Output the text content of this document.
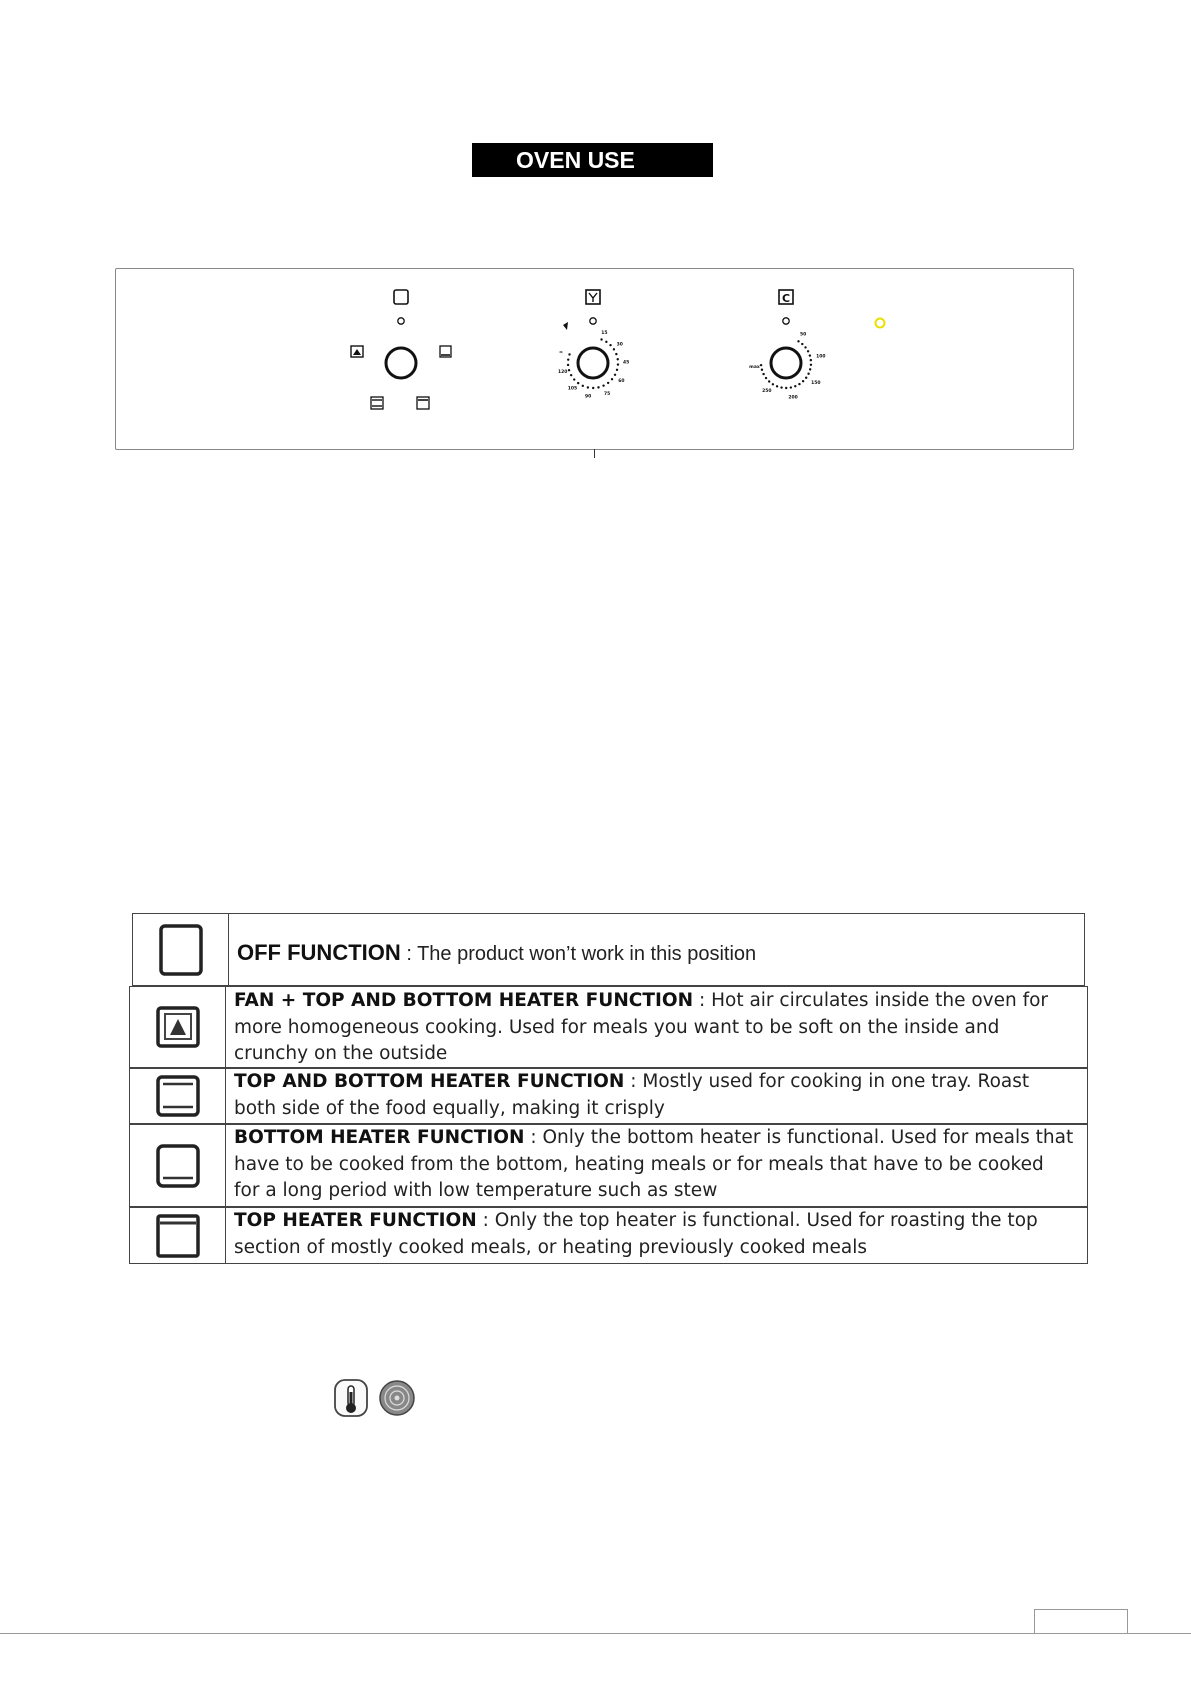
OVEN USE
15
30
45
60
75
90
105
120
∞
C
50
100
150
200
250
max
OFF FUNCTION : The product won’t work in this position
FAN + TOP AND BOTTOM HEATER FUNCTION : Hot air circulates inside the oven for more homogeneous cooking. Used for meals you want to be soft on the inside and crunchy on the outside
TOP AND BOTTOM HEATER FUNCTION : Mostly used for cooking in one tray. Roast both side of the food equally, making it crisply
BOTTOM HEATER FUNCTION : Only the bottom heater is functional. Used for meals that have to be cooked from the bottom, heating meals or for meals that have to be cooked for a long period with low temperature such as stew
TOP HEATER FUNCTION : Only the top heater is functional. Used for roasting the top section of mostly cooked meals, or heating previously cooked meals
